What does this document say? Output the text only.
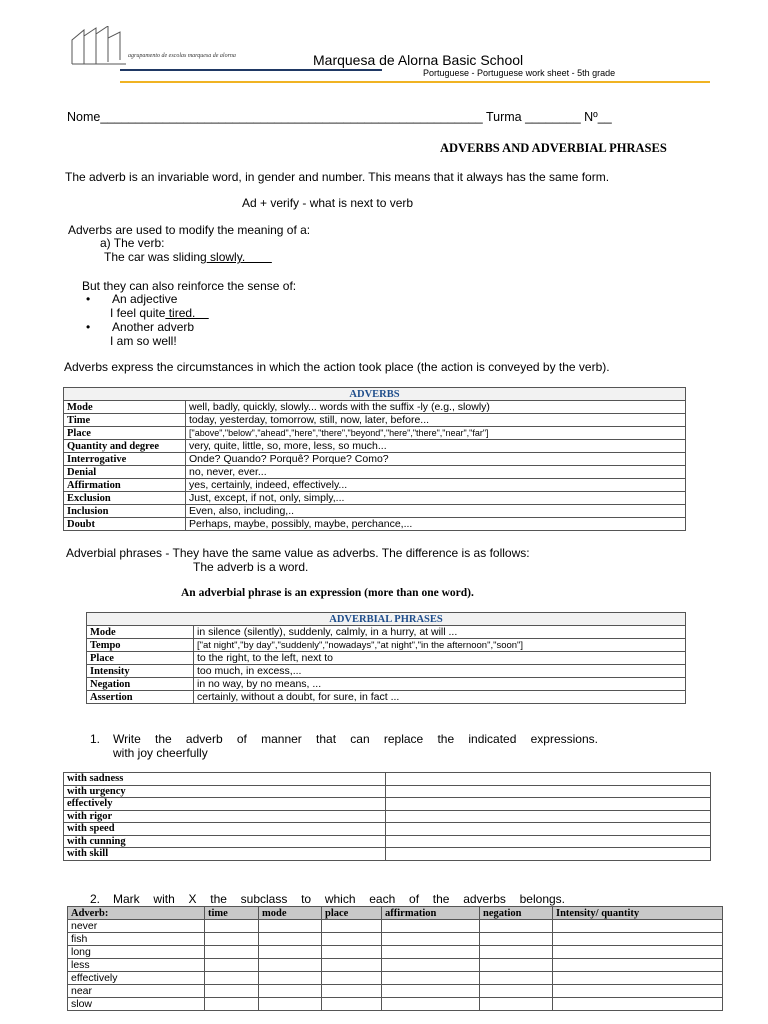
agrupamento de escolas marquesa de alorna	Marquesa de Alorna Basic School
Portuguese - Portuguese work sheet - 5th grade
Nome_______________________________________________________ Turma ________ Nº__
ADVERBS AND ADVERBIAL PHRASES
The adverb is an invariable word, in gender and number. This means that it always has the same form.
Ad + verify - what is next to verb
Adverbs are used to modify the meaning of a:
a) The verb:
The car was sliding slowly.
But they can also reinforce the sense of:
• An adjective
I feel quite tired.
• Another adverb
I am so well!
Adverbs express the circumstances in which the action took place (the action is conveyed by the verb).
ADVERBS	
Mode	well, badly, quickly, slowly... words with the suffix -ly (e.g., slowly)
Time	today, yesterday, tomorrow, still, now, later, before...
Place	["above","below","ahead","here","there","beyond","here","there","near","far"]
Quantity and degree	very, quite, little, so, more, less, so much...
Interrogative	Onde? Quando? Porquê? Porque? Como?
Denial	no, never, ever...
Affirmation	yes, certainly, indeed, effectively...
Exclusion	Just, except, if not, only, simply,...
Inclusion	Even, also, including,..
Doubt	Perhaps, maybe, possibly, maybe, perchance,...
Adverbial phrases - They have the same value as adverbs. The difference is as follows:
The adverb is a word.
An adverbial phrase is an expression (more than one word).
ADVERBIAL PHRASES	
Mode	in silence (silently), suddenly, calmly, in a hurry, at will ...
Tempo	["at night","by day","suddenly","nowadays","at night","in the afternoon","soon"]
Place	to the right, to the left, next to
Intensity	too much, in excess,...
Negation	in no way, by no means, ...
Assertion	certainly, without a doubt, for sure, in fact ...
1. Write the adverb of manner that can replace the indicated expressions.
with joy cheerfully
with sadness	
with urgency	
effectively	
with rigor	
with speed	
with cunning	
with skill	
2. Mark with X the subclass to which each of the adverbs belongs.
Adverb:	time	mode	place	affirmation	negation	Intensity/ quantity
never						
fish						
long						
less						
effectively						
near						
slow						
